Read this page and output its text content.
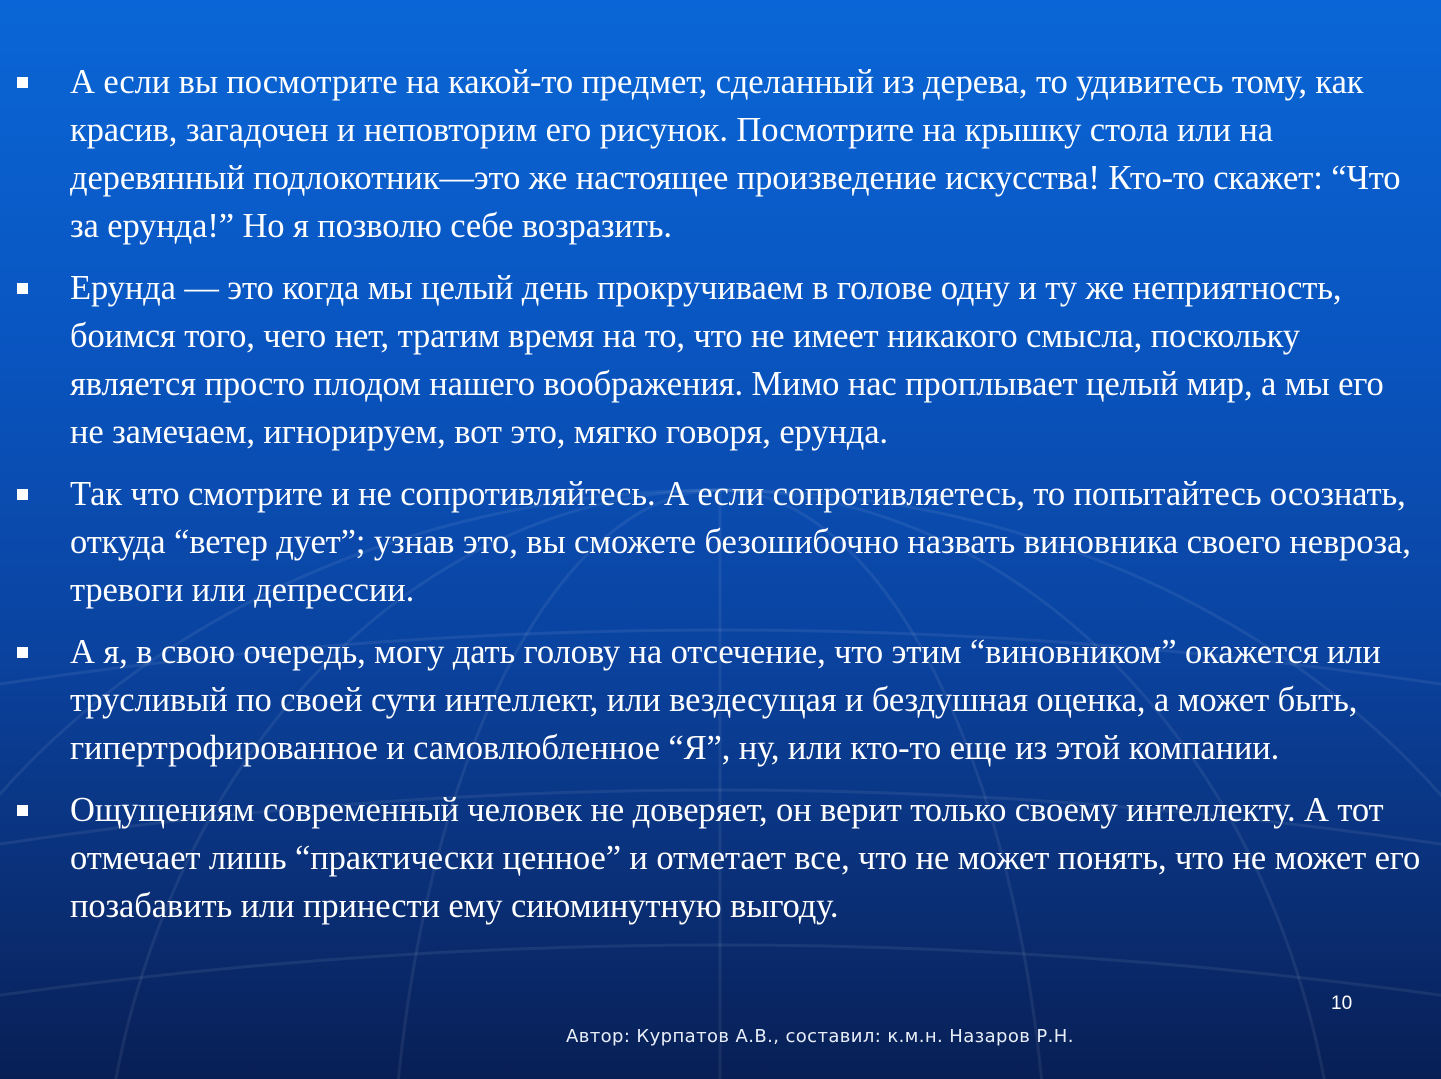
А если вы посмотрите на какой-то предмет, сделанный из дерева, то удивитесь тому, как красив, загадочен и неповторим его рисунок. Посмотрите на крышку стола или на деревянный подлокотник—это же настоящее произведение искусства! Кто-то скажет: “Что за ерунда!” Но я позволю себе возразить.
Ерунда — это когда мы целый день прокручиваем в голове одну и ту же неприятность, боимся того, чего нет, тратим время на то, что не имеет никакого смысла, поскольку является просто плодом нашего воображения. Мимо нас проплывает целый мир, а мы его не замечаем, игнорируем, вот это, мягко говоря, ерунда.
Так что смотрите и не сопротивляйтесь. А если сопротивляетесь, то попытайтесь осознать, откуда “ветер дует”; узнав это, вы сможете безошибочно назвать виновника своего невроза, тревоги или депрессии.
А я, в свою очередь, могу дать голову на отсечение, что этим “виновником” окажется или трусливый по своей сути интеллект, или вездесущая и бездушная оценка, а может быть, гипертрофированное и самовлюбленное “Я”, ну, или кто-то еще из этой компании.
Ощущениям современный человек не доверяет, он верит только своему интеллекту. А тот отмечает лишь “практически ценное” и отметает все, что не может понять, что не может его позабавить или принести ему сиюминутную выгоду.
10
Автор: Курпатов А.В., составил: к.м.н. Назаров Р.Н.
